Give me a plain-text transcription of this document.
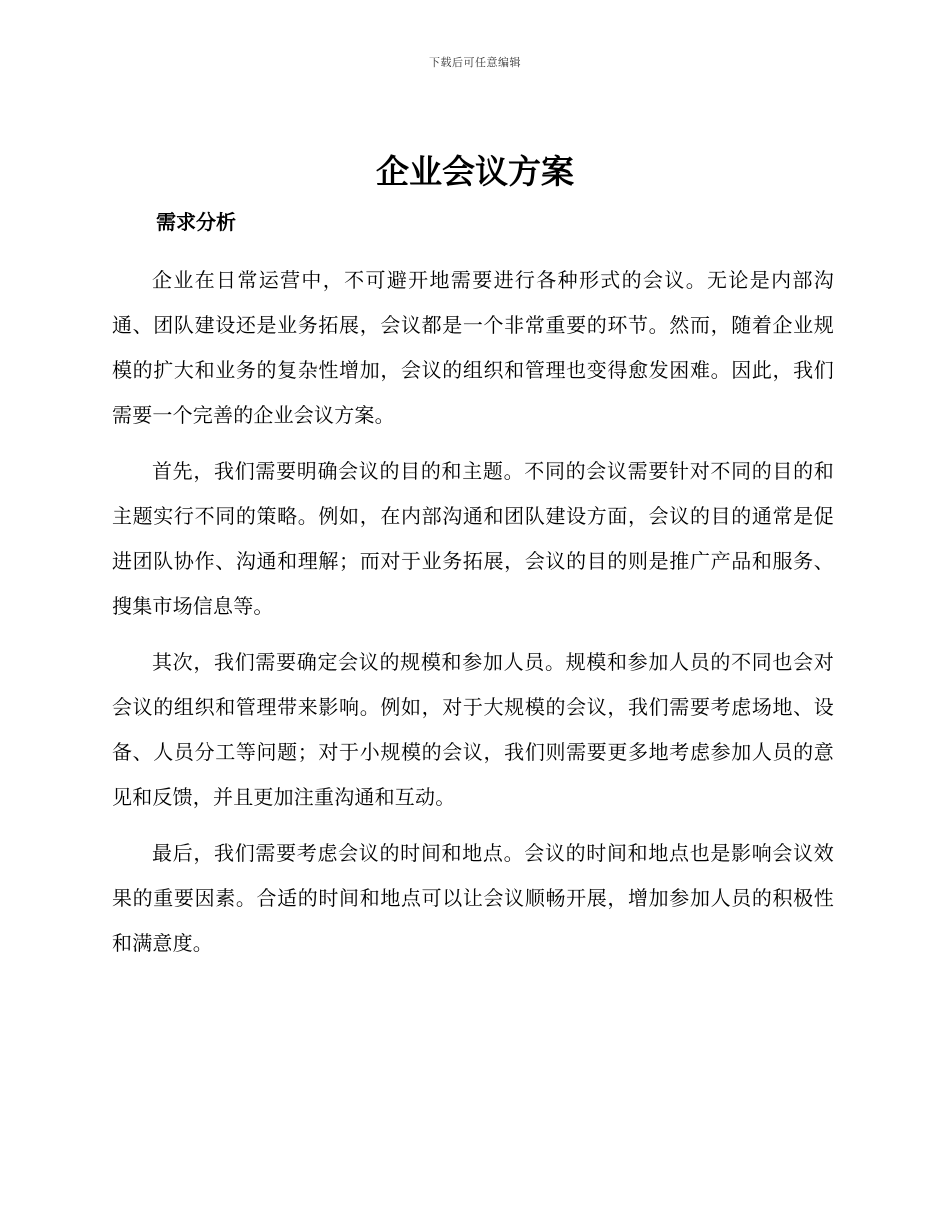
下载后可任意编辑
企业会议方案
需求分析

企业在日常运营中，不可避开地需要进行各种形式的会议。无论是内部沟通、团队建设还是业务拓展，会议都是一个非常重要的环节。然而，随着企业规模的扩大和业务的复杂性增加，会议的组织和管理也变得愈发困难。因此，我们需要一个完善的企业会议方案。

首先，我们需要明确会议的目的和主题。不同的会议需要针对不同的目的和主题实行不同的策略。例如，在内部沟通和团队建设方面，会议的目的通常是促进团队协作、沟通和理解；而对于业务拓展，会议的目的则是推广产品和服务、搜集市场信息等。

其次，我们需要确定会议的规模和参加人员。规模和参加人员的不同也会对会议的组织和管理带来影响。例如，对于大规模的会议，我们需要考虑场地、设备、人员分工等问题；对于小规模的会议，我们则需要更多地考虑参加人员的意见和反馈，并且更加注重沟通和互动。

最后，我们需要考虑会议的时间和地点。会议的时间和地点也是影响会议效果的重要因素。合适的时间和地点可以让会议顺畅开展，增加参加人员的积极性和满意度。
